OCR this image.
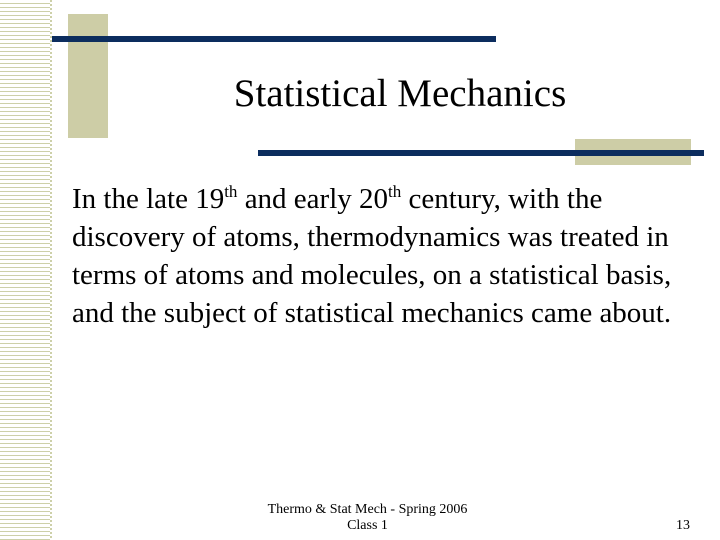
Statistical Mechanics

In the late 19th and early 20th century, with the discovery of atoms, thermodynamics was treated in terms of atoms and molecules, on a statistical basis, and the subject of statistical mechanics came about.

Thermo & Stat Mech - Spring 2006
Class 1	13
